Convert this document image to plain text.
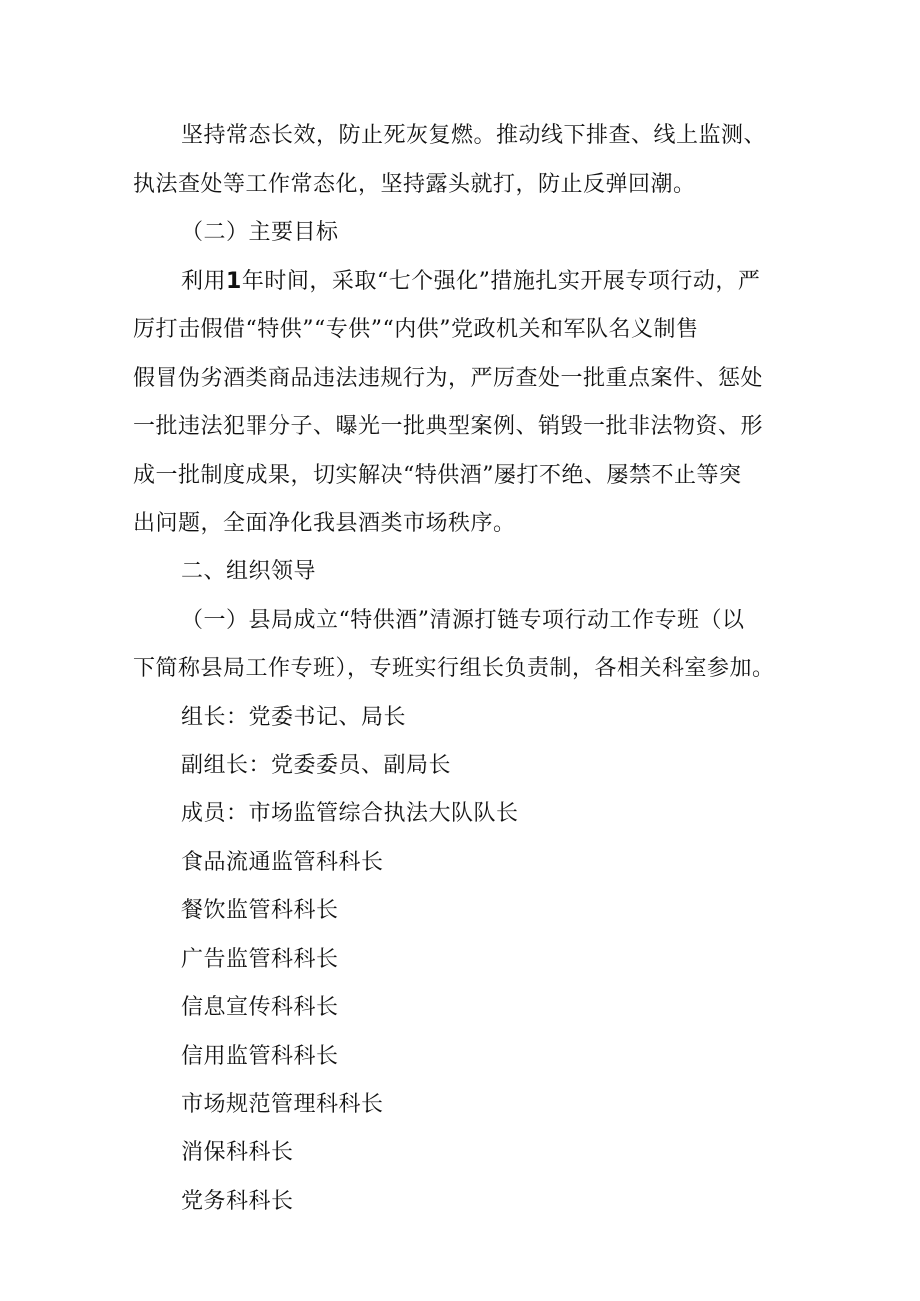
坚持常态长效，防止死灰复燃。推动线下排查、线上监测、
执法查处等工作常态化，坚持露头就打，防止反弹回潮。
（二）主要目标
利用1年时间，采取“七个强化”措施扎实开展专项行动，严
厉打击假借“特供”“专供”“内供”党政机关和军队名义制售
假冒伪劣酒类商品违法违规行为，严厉查处一批重点案件、惩处
一批违法犯罪分子、曝光一批典型案例、销毁一批非法物资、形
成一批制度成果，切实解决“特供酒”屡打不绝、屡禁不止等突
出问题，全面净化我县酒类市场秩序。
二、组织领导
（一）县局成立“特供酒”清源打链专项行动工作专班（以
下简称县局工作专班），专班实行组长负责制，各相关科室参加。
组长：党委书记、局长
副组长：党委委员、副局长
成员：市场监管综合执法大队队长
食品流通监管科科长
餐饮监管科科长
广告监管科科长
信息宣传科科长
信用监管科科长
市场规范管理科科长
消保科科长
党务科科长
